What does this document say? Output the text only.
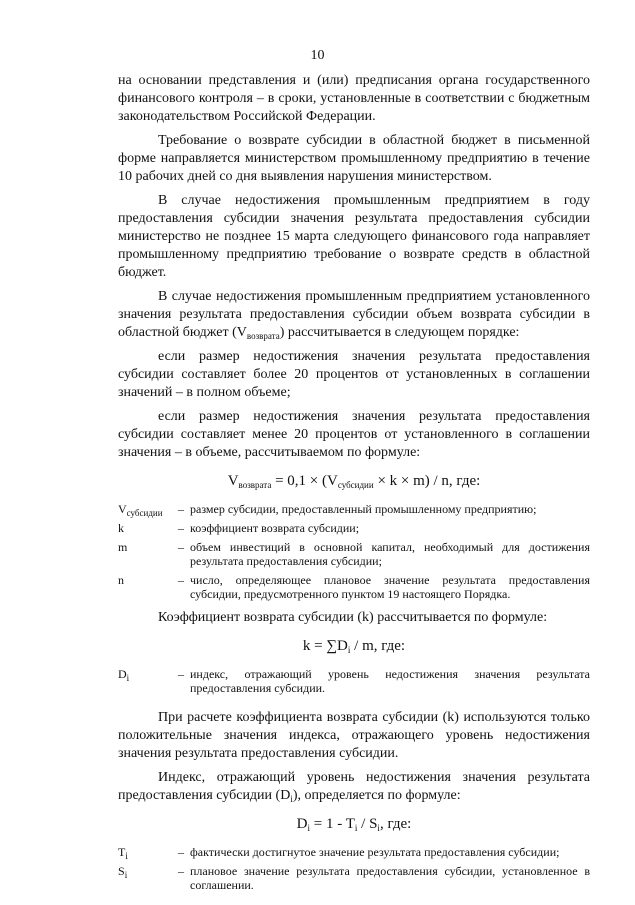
10

на основании представления и (или) предписания органа государственного финансового контроля – в сроки, установленные в соответствии с бюджетным законодательством Российской Федерации.

Требование о возврате субсидии в областной бюджет в письменной форме направляется министерством промышленному предприятию в течение 10 рабочих дней со дня выявления нарушения министерством.

В случае недостижения промышленным предприятием в году предоставления субсидии значения результата предоставления субсидии министерство не позднее 15 марта следующего финансового года направляет промышленному предприятию требование о возврате средств в областной бюджет.

В случае недостижения промышленным предприятием установленного значения результата предоставления субсидии объем возврата субсидии в областной бюджет $(V_{возврата})$ рассчитывается в следующем порядке:

если размер недостижения значения результата предоставления субсидии составляет более 20 процентов от установленных в соглашении значений – в полном объеме;

если размер недостижения значения результата предоставления субсидии составляет менее 20 процентов от установленного в соглашении значения – в объеме, рассчитываемом по формуле:

$V_{возврата} = 0,1 \times (V_{субсидии} \times k \times m) / n$, где:
$V_{субсидии}$	– размер субсидии, предоставленный промышленному предприятию;
k	– коэффициент возврата субсидии;
m	– объем инвестиций в основной капитал, необходимый для достижения результата предоставления субсидии;
n	– число, определяющее плановое значение результата предоставления субсидии, предусмотренного пунктом 19 настоящего Порядка.

Коэффициент возврата субсидии (k) рассчитывается по формуле:

$k = \sum D_i / m$, где:
$D_i$	– индекс, отражающий уровень недостижения значения результата предоставления субсидии.

При расчете коэффициента возврата субсидии (k) используются только положительные значения индекса, отражающего уровень недостижения значения результата предоставления субсидии.

Индекс, отражающий уровень недостижения значения результата предоставления субсидии $(D_i)$, определяется по формуле:

$D_i = 1 - T_i / S_i$, где:
$T_i$	– фактически достигнутое значение результата предоставления субсидии;
$S_i$	– плановое значение результата предоставления субсидии, установленное в соглашении.
